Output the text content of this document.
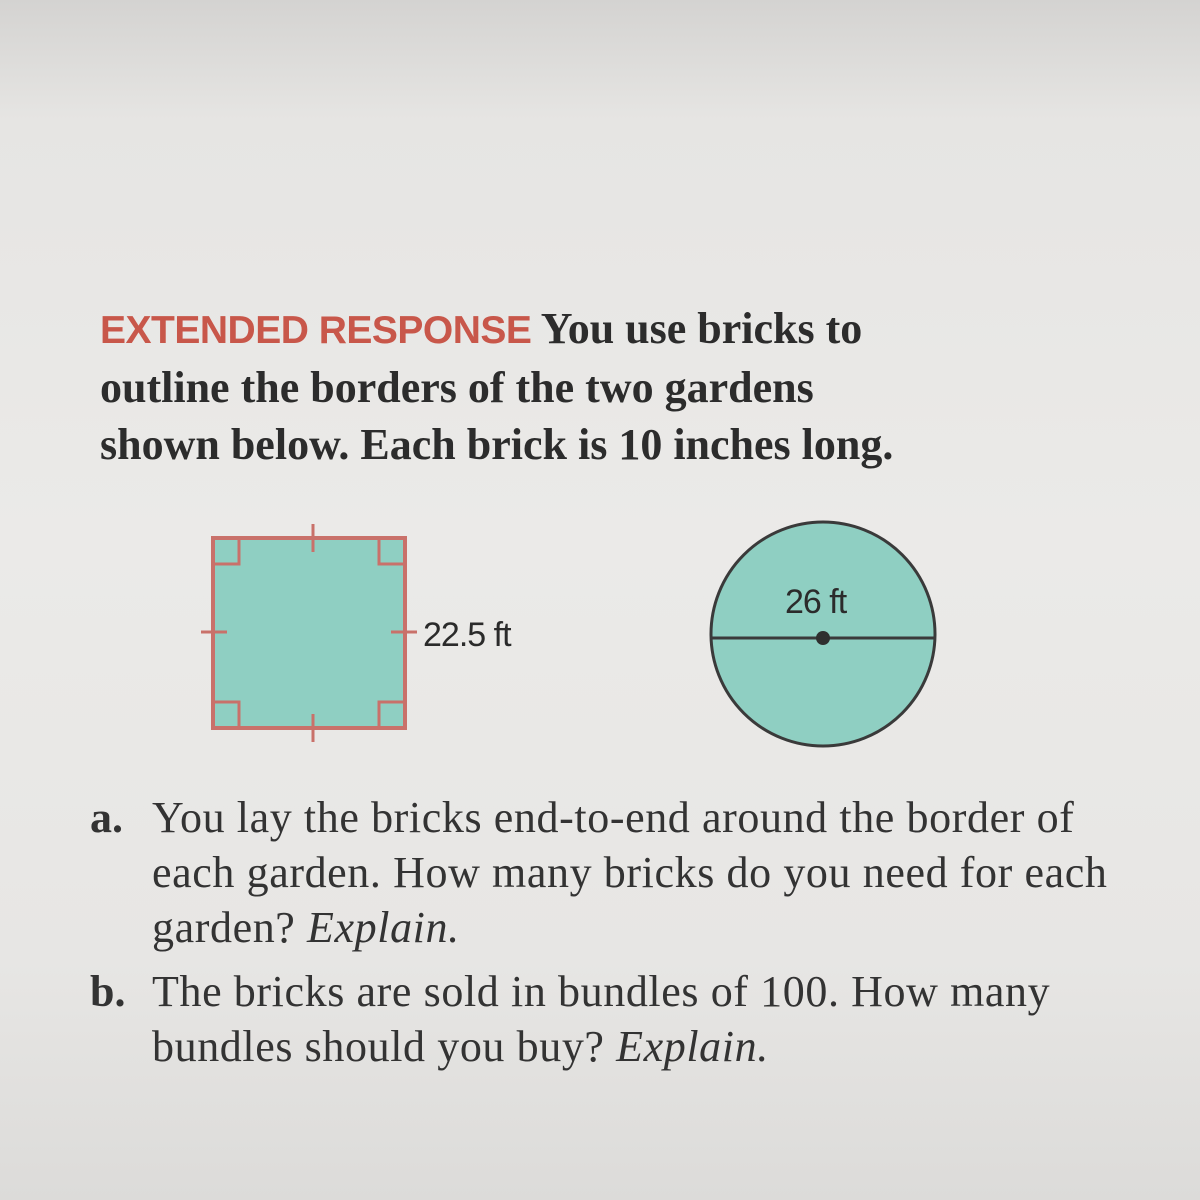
EXTENDED RESPONSE You use bricks to
outline the borders of the two gardens
shown below. Each brick is 10 inches long.
22.5 ft
26 ft
a. You lay the bricks end-to-end around the border of each garden. How many bricks do you need for each garden? Explain.
b. The bricks are sold in bundles of 100. How many bundles should you buy? Explain.
